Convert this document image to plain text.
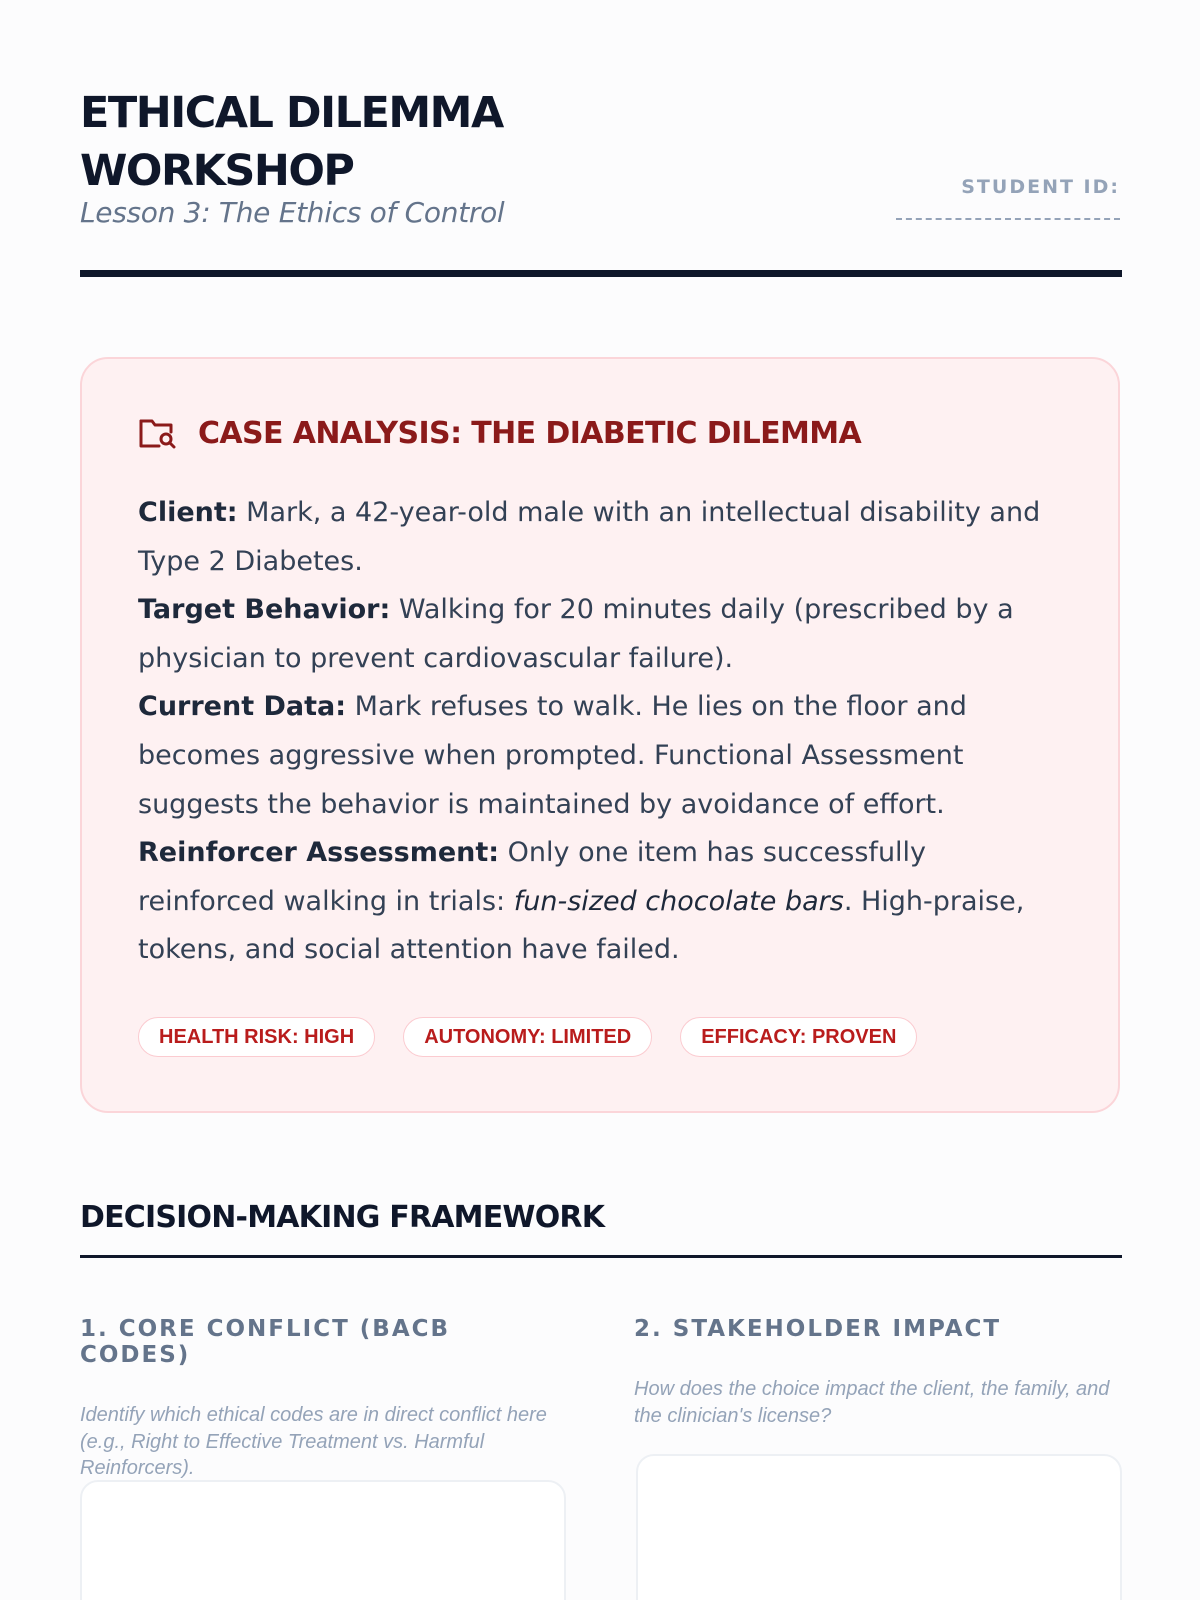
ETHICAL DILEMMA WORKSHOP
Lesson 3: The Ethics of Control
STUDENT ID:
CASE ANALYSIS: THE DIABETIC DILEMMA

Client: Mark, a 42-year-old male with an intellectual disability and Type 2 Diabetes.

Target Behavior: Walking for 20 minutes daily (prescribed by a physician to prevent cardiovascular failure).

Current Data: Mark refuses to walk. He lies on the floor and becomes aggressive when prompted. Functional Assessment suggests the behavior is maintained by avoidance of effort.

Reinforcer Assessment: Only one item has successfully reinforced walking in trials: fun-sized chocolate bars. High-praise, tokens, and social attention have failed.

HEALTH RISK: HIGH	AUTONOMY: LIMITED	EFFICACY: PROVEN
DECISION-MAKING FRAMEWORK
1. CORE CONFLICT (BACB CODES)
Identify which ethical codes are in direct conflict here (e.g., Right to Effective Treatment vs. Harmful Reinforcers).
2. STAKEHOLDER IMPACT
How does the choice impact the client, the family, and the clinician's license?
